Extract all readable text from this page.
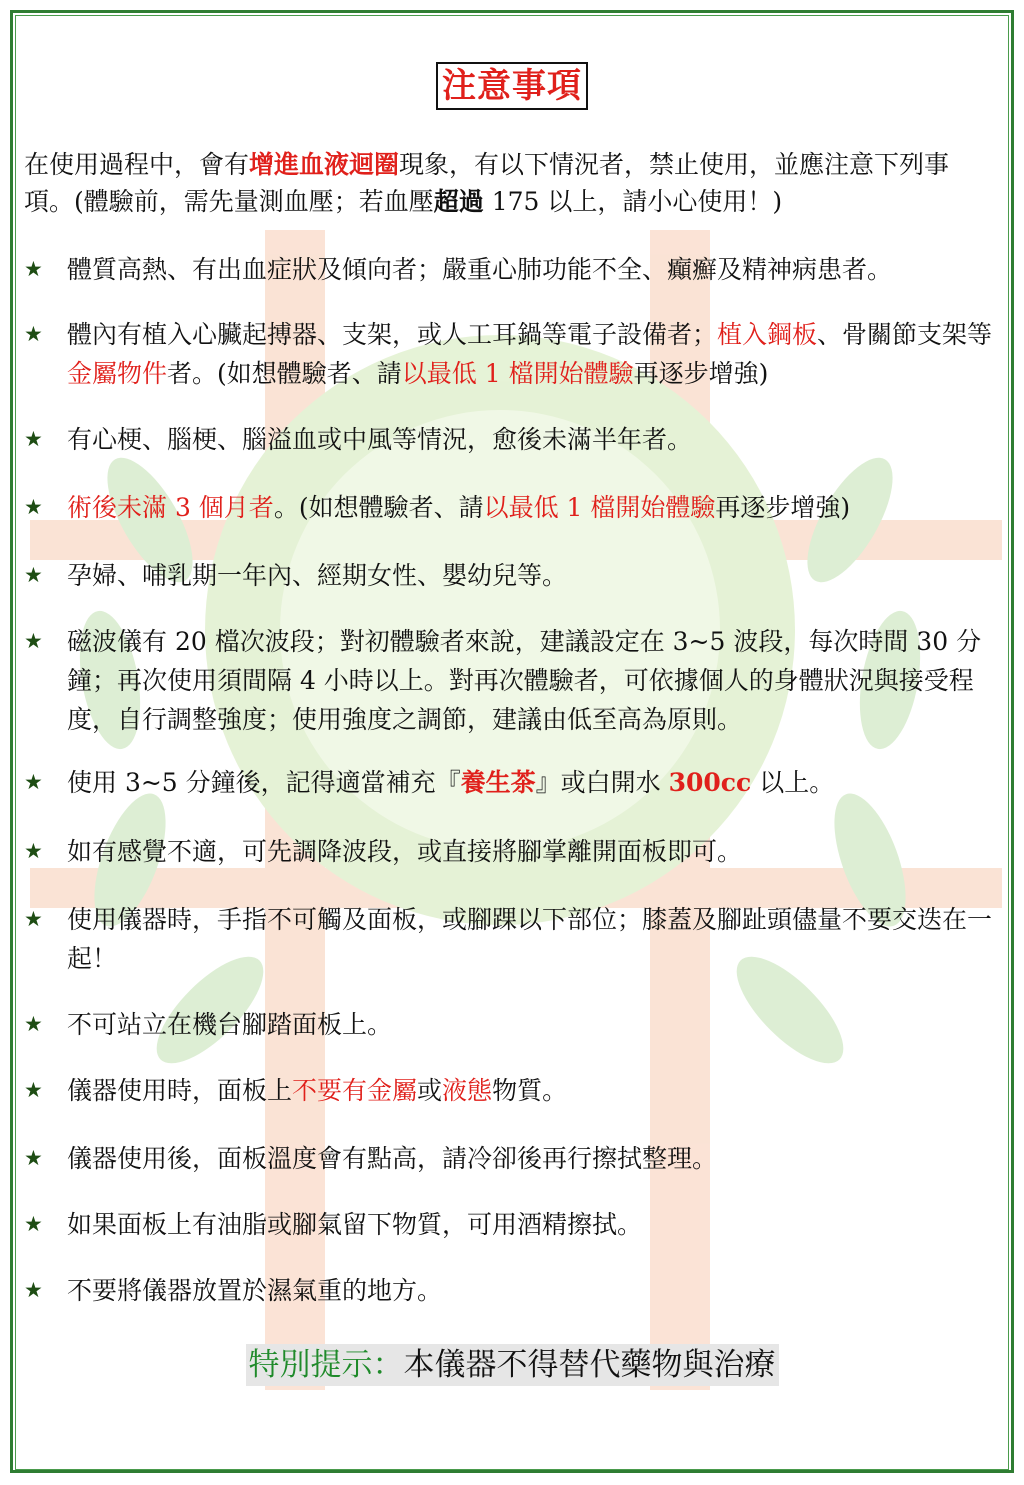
注意事項
在使用過程中，會有增進血液迴圈現象，有以下情況者，禁止使用，並應注意下列事項。(體驗前，需先量測血壓；若血壓超過 175 以上，請小心使用！)
★ 體質高熱、有出血症狀及傾向者；嚴重心肺功能不全、癲癬及精神病患者。
★ 體內有植入心臟起搏器、支架，或人工耳鍋等電子設備者；植入鋼板、骨關節支架等金屬物件者。(如想體驗者、請以最低 1 檔開始體驗再逐步增強)
★ 有心梗、腦梗、腦溢血或中風等情況，愈後未滿半年者。
★ 術後未滿 3 個月者。(如想體驗者、請以最低 1 檔開始體驗再逐步增強)
★ 孕婦、哺乳期一年內、經期女性、嬰幼兒等。
★ 磁波儀有 20 檔次波段；對初體驗者來說，建議設定在 3~5 波段，每次時間 30 分鐘；再次使用須間隔 4 小時以上。對再次體驗者，可依據個人的身體狀況與接受程度，自行調整強度；使用強度之調節，建議由低至高為原則。
★ 使用 3~5 分鐘後，記得適當補充『養生茶』或白開水 300cc 以上。
★ 如有感覺不適，可先調降波段，或直接將腳掌離開面板即可。
★ 使用儀器時，手指不可觸及面板，或腳踝以下部位；膝蓋及腳趾頭儘量不要交迭在一起！
★ 不可站立在機台腳踏面板上。
★ 儀器使用時，面板上不要有金屬或液態物質。
★ 儀器使用後，面板溫度會有點高，請冷卻後再行擦拭整理。
★ 如果面板上有油脂或腳氣留下物質，可用酒精擦拭。
★ 不要將儀器放置於濕氣重的地方。
特別提示：本儀器不得替代藥物與治療
